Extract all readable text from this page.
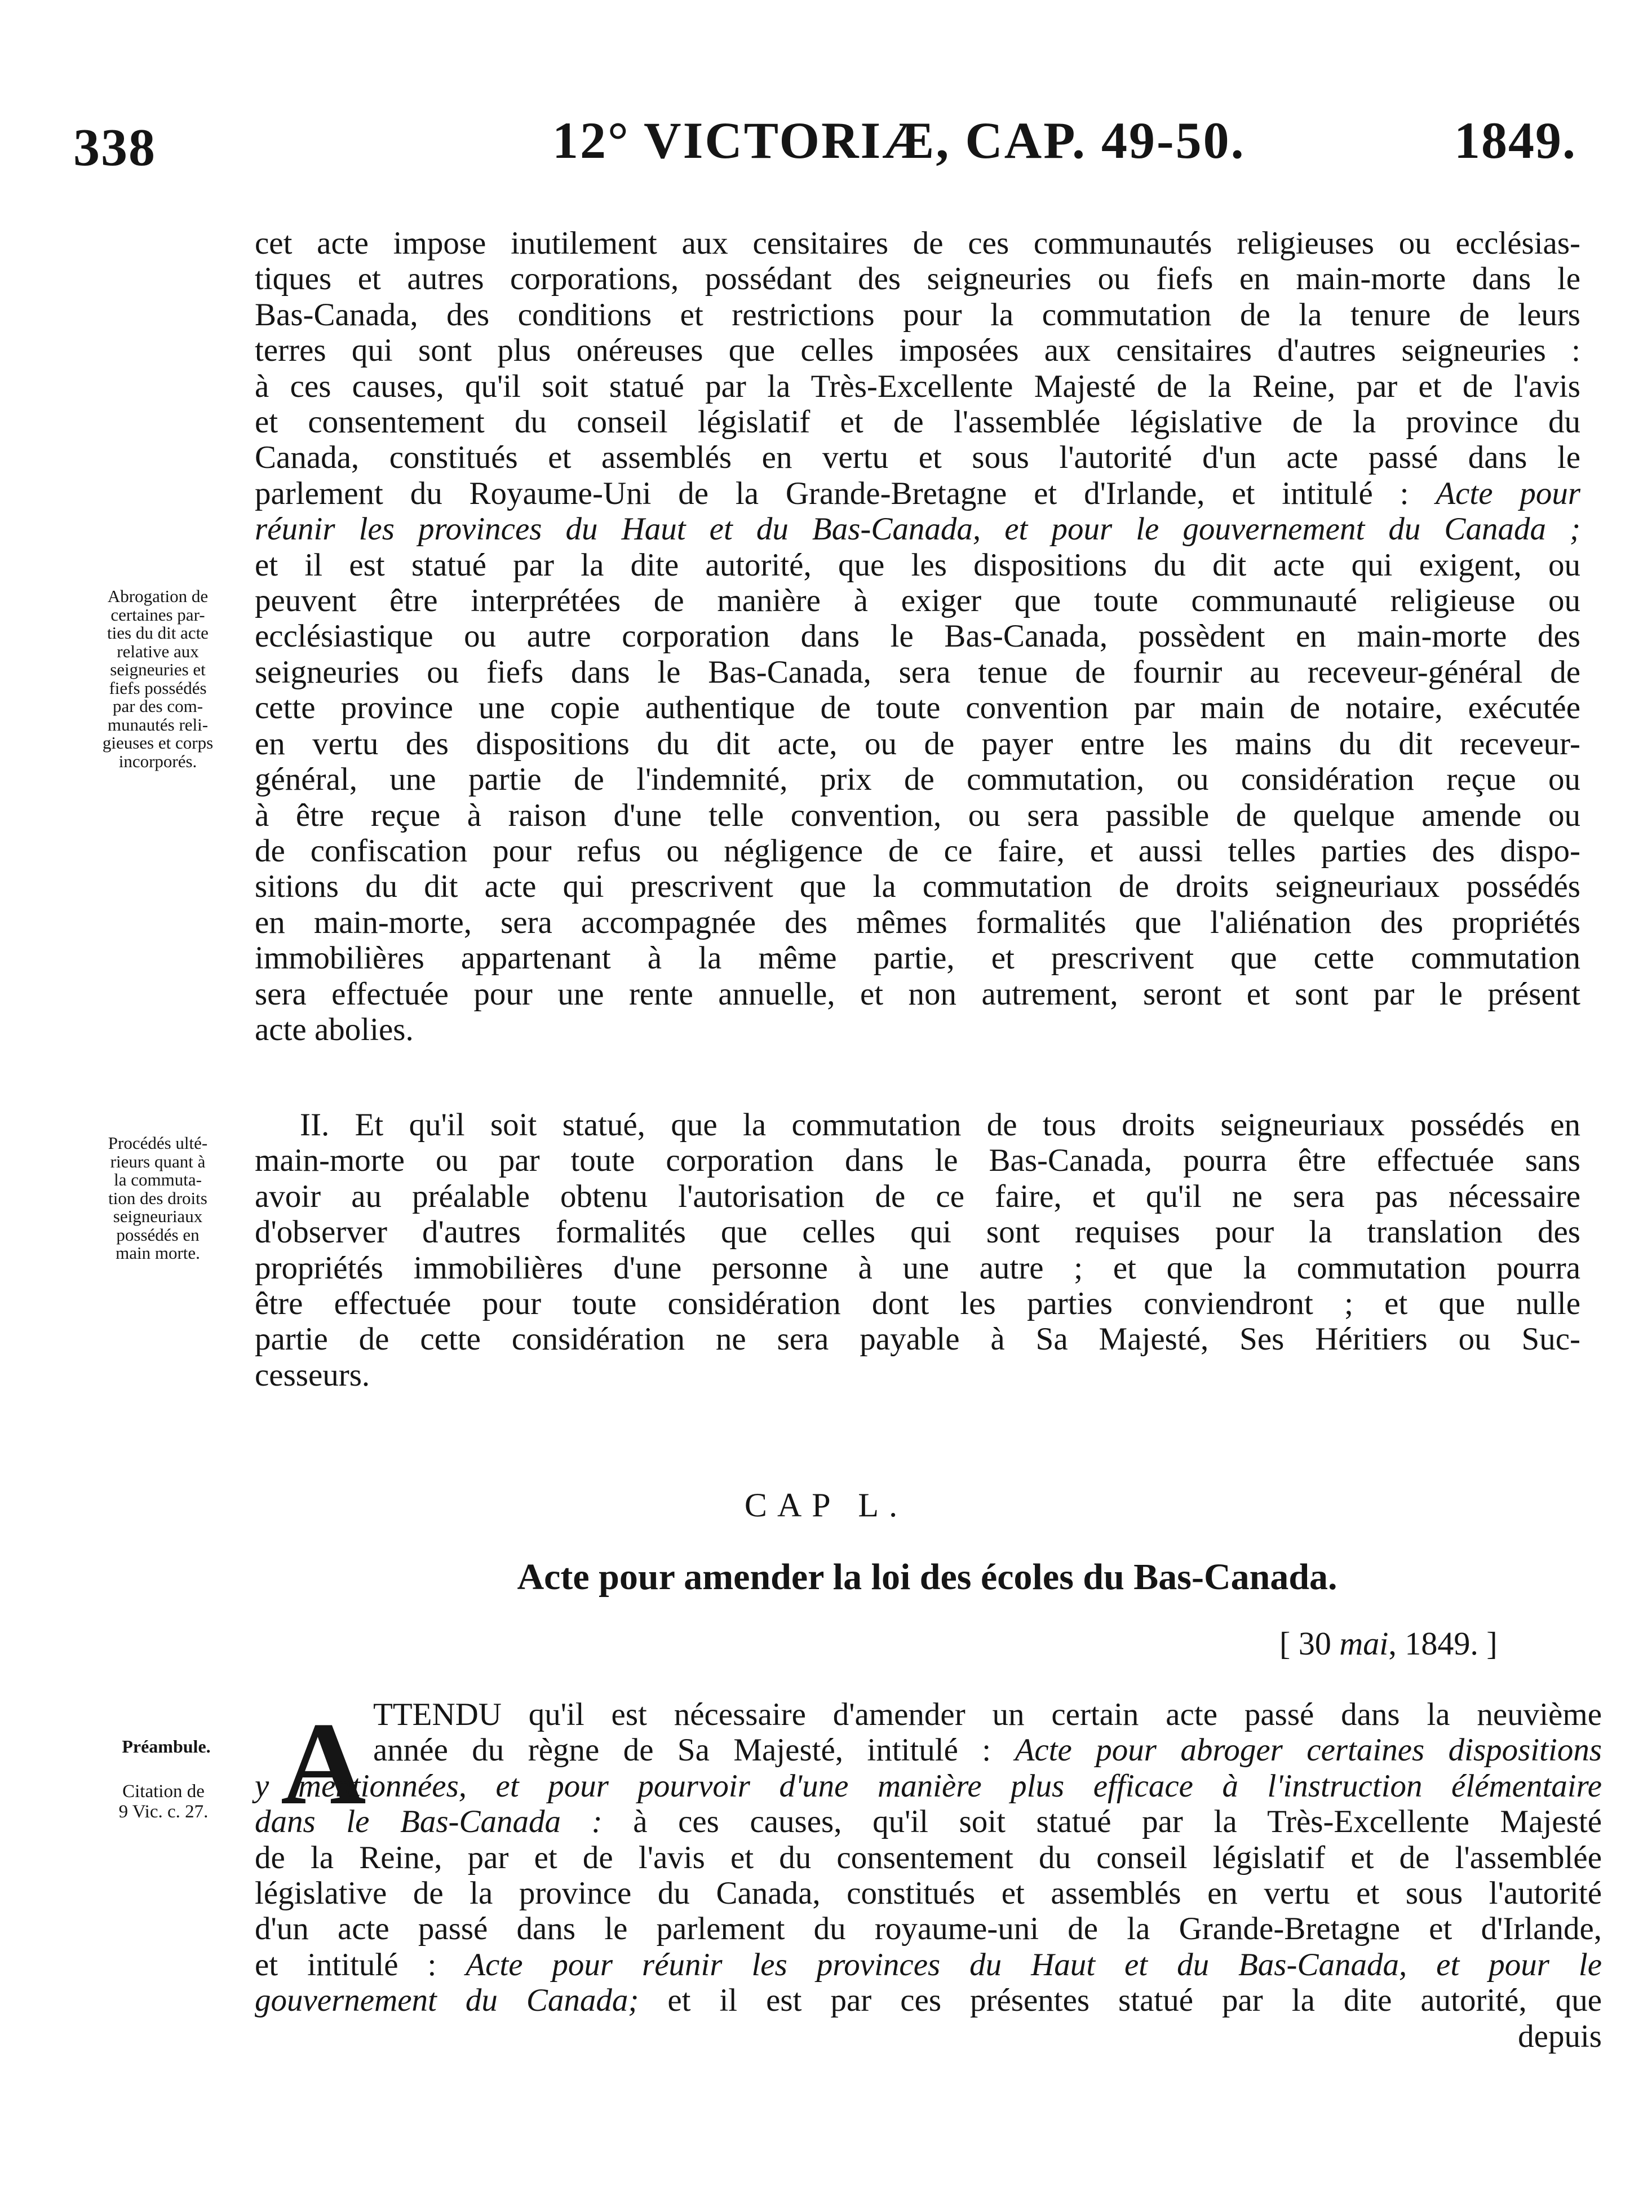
338	12° VICTORIÆ, CAP. 49-50.	1849.
cet acte impose inutilement aux censitaires de ces communautés religieuses ou ecclésias-
tiques et autres corporations, possédant des seigneuries ou fiefs en main-morte dans le
Bas-Canada, des conditions et restrictions pour la commutation de la tenure de leurs
terres qui sont plus onéreuses que celles imposées aux censitaires d'autres seigneuries :
à ces causes, qu'il soit statué par la Très-Excellente Majesté de la Reine, par et de l'avis
et consentement du conseil législatif et de l'assemblée législative de la province du
Canada, constitués et assemblés en vertu et sous l'autorité d'un acte passé dans le
parlement du Royaume-Uni de la Grande-Bretagne et d'Irlande, et intitulé : Acte pour
réunir les provinces du Haut et du Bas-Canada, et pour le gouvernement du Canada ;
et il est statué par la dite autorité, que les dispositions du dit acte qui exigent, ou
peuvent être interprétées de manière à exiger que toute communauté religieuse ou
ecclésiastique ou autre corporation dans le Bas-Canada, possèdent en main-morte des
seigneuries ou fiefs dans le Bas-Canada, sera tenue de fournir au receveur-général de
cette province une copie authentique de toute convention par main de notaire, exécutée
en vertu des dispositions du dit acte, ou de payer entre les mains du dit receveur-
général, une partie de l'indemnité, prix de commutation, ou considération reçue ou
à être reçue à raison d'une telle convention, ou sera passible de quelque amende ou
de confiscation pour refus ou négligence de ce faire, et aussi telles parties des dispo-
sitions du dit acte qui prescrivent que la commutation de droits seigneuriaux possédés
en main-morte, sera accompagnée des mêmes formalités que l'aliénation des propriétés
immobilières appartenant à la même partie, et prescrivent que cette commutation
sera effectuée pour une rente annuelle, et non autrement, seront et sont par le présent
acte abolies.
Abrogation de
certaines par-
ties du dit acte
relative aux
seigneuries et
fiefs possédés
par des com-
munautés reli-
gieuses et corps
incorporés.
II. Et qu'il soit statué, que la commutation de tous droits seigneuriaux possédés en
main-morte ou par toute corporation dans le Bas-Canada, pourra être effectuée sans
avoir au préalable obtenu l'autorisation de ce faire, et qu'il ne sera pas nécessaire
d'observer d'autres formalités que celles qui sont requises pour la translation des
propriétés immobilières d'une personne à une autre ; et que la commutation pourra
être effectuée pour toute considération dont les parties conviendront ; et que nulle
partie de cette considération ne sera payable à Sa Majesté, Ses Héritiers ou Suc-
cesseurs.
Procédés ulté-
rieurs quant à
la commuta-
tion des droits
seigneuriaux
possédés en
main morte.
CAP L.
Acte pour amender la loi des écoles du Bas-Canada.
[ 30 mai, 1849. ]
Préambule.
Citation de
9 Vic. c. 27. A TTENDU qu'il est nécessaire d'amender un certain acte passé dans la neuvième
année du règne de Sa Majesté, intitulé : Acte pour abroger certaines dispositions
y mentionnées, et pour pourvoir d'une manière plus efficace à l'instruction élémentaire
dans le Bas-Canada : à ces causes, qu'il soit statué par la Très-Excellente Majesté
de la Reine, par et de l'avis et du consentement du conseil législatif et de l'assemblée
législative de la province du Canada, constitués et assemblés en vertu et sous l'autorité
d'un acte passé dans le parlement du royaume-uni de la Grande-Bretagne et d'Irlande,
et intitulé : Acte pour réunir les provinces du Haut et du Bas-Canada, et pour le
gouvernement du Canada; et il est par ces présentes statué par la dite autorité, que
depuis
